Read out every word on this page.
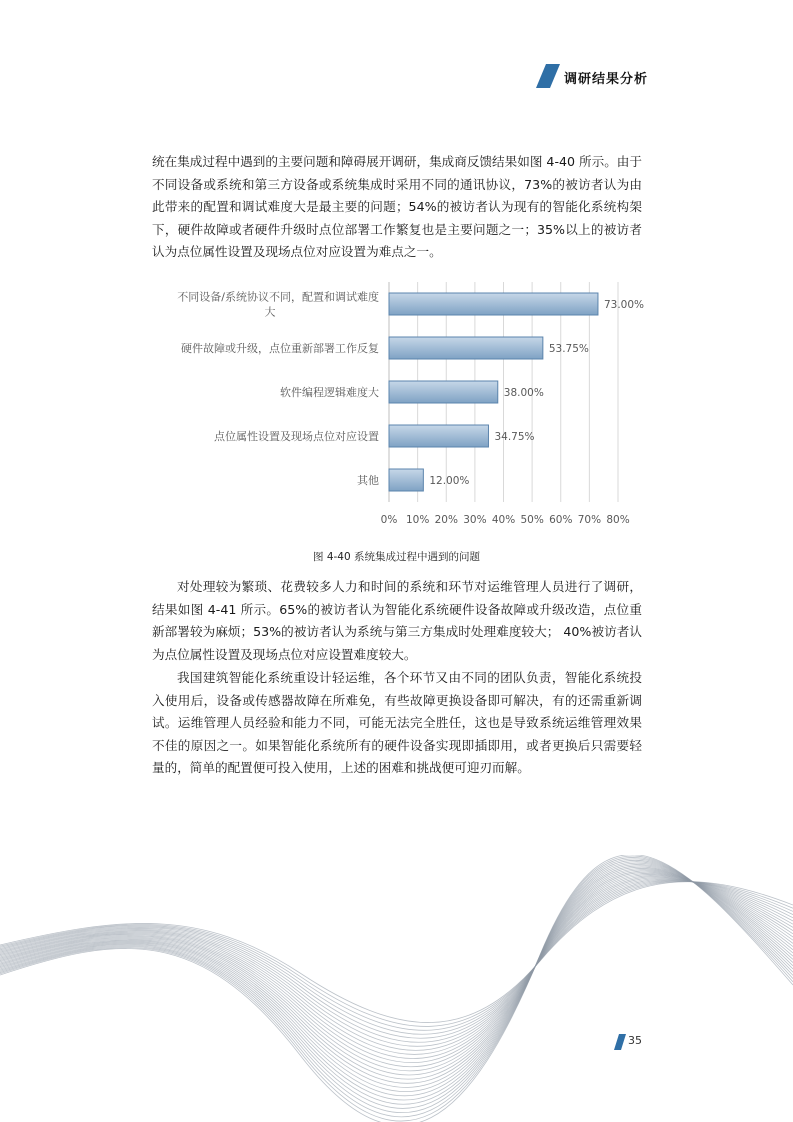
调研结果分析

统在集成过程中遇到的主要问题和障碍展开调研，集成商反馈结果如图 4-40 所示。由于不同设备或系统和第三方设备或系统集成时采用不同的通讯协议，73%的被访者认为由此带来的配置和调试难度大是最主要的问题；54%的被访者认为现有的智能化系统构架下，硬件故障或者硬件升级时点位部署工作繁复也是主要问题之一；35%以上的被访者认为点位属性设置及现场点位对应设置为难点之一。

0% 10% 20% 30% 40% 50% 60% 70% 80%
73.00%
不同设备/系统协议不同，配置和调试难度
大
53.75%
硬件故障或升级，点位重新部署工作反复
38.00%
软件编程逻辑难度大
34.75%
点位属性设置及现场点位对应设置
12.00%
其他
图 4-40 系统集成过程中遇到的问题

对处理较为繁琐、花费较多人力和时间的系统和环节对运维管理人员进行了调研，结果如图 4-41 所示。65%的被访者认为智能化系统硬件设备故障或升级改造，点位重新部署较为麻烦；53%的被访者认为系统与第三方集成时处理难度较大； 40%被访者认为点位属性设置及现场点位对应设置难度较大。

我国建筑智能化系统重设计轻运维，各个环节又由不同的团队负责，智能化系统投入使用后，设备或传感器故障在所难免，有些故障更换设备即可解决，有的还需重新调试。运维管理人员经验和能力不同，可能无法完全胜任，这也是导致系统运维管理效果不佳的原因之一。如果智能化系统所有的硬件设备实现即插即用，或者更换后只需要轻量的，简单的配置便可投入使用，上述的困难和挑战便可迎刃而解。

35
